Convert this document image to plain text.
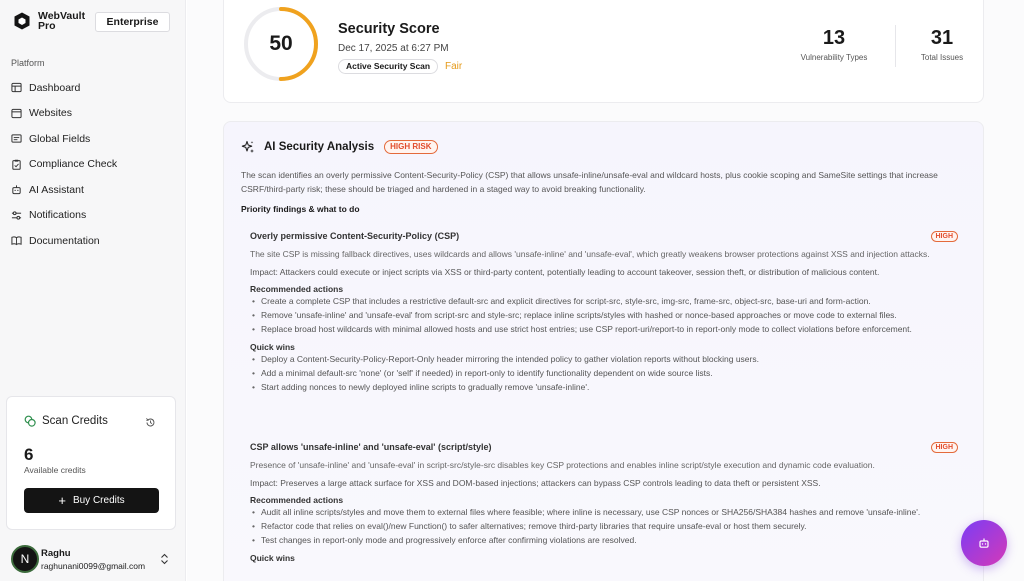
WebVault Pro	Enterprise
Platform
Dashboard
Websites
Global Fields
Compliance Check
AI Assistant
Notifications
Documentation
Scan Credits
6
Available credits
+ Buy Credits
N	Raghu
raghunani0099@gmail.com
50
Security Score
Dec 17, 2025 at 6:27 PM
Active Security Scan	Fair
13
Vulnerability Types
31
Total Issues
AI Security Analysis	HIGH RISK

The scan identifies an overly permissive Content-Security-Policy (CSP) that allows unsafe-inline/unsafe-eval and wildcard hosts, plus cookie scoping and SameSite settings that increase CSRF/third-party risk; these should be triaged and hardened in a staged way to avoid breaking functionality.

Priority findings & what to do
Overly permissive Content-Security-Policy (CSP)	HIGH

The site CSP is missing fallback directives, uses wildcards and allows 'unsafe-inline' and 'unsafe-eval', which greatly weakens browser protections against XSS and injection attacks.

Impact: Attackers could execute or inject scripts via XSS or third-party content, potentially leading to account takeover, session theft, or distribution of malicious content.

Recommended actions
• Create a complete CSP that includes a restrictive default-src and explicit directives for script-src, style-src, img-src, frame-src, object-src, base-uri and form-action.
• Remove 'unsafe-inline' and 'unsafe-eval' from script-src and style-src; replace inline scripts/styles with hashed or nonce-based approaches or move code to external files.
• Replace broad host wildcards with minimal allowed hosts and use strict host entries; use CSP report-uri/report-to in report-only mode to collect violations before enforcement.
Quick wins
• Deploy a Content-Security-Policy-Report-Only header mirroring the intended policy to gather violation reports without blocking users.
• Add a minimal default-src 'none' (or 'self' if needed) in report-only to identify functionality dependent on wide source lists.
• Start adding nonces to newly deployed inline scripts to gradually remove 'unsafe-inline'.
CSP allows 'unsafe-inline' and 'unsafe-eval' (script/style)	HIGH

Presence of 'unsafe-inline' and 'unsafe-eval' in script-src/style-src disables key CSP protections and enables inline script/style execution and dynamic code evaluation.

Impact: Preserves a large attack surface for XSS and DOM-based injections; attackers can bypass CSP controls leading to data theft or persistent XSS.

Recommended actions
• Audit all inline scripts/styles and move them to external files where feasible; where inline is necessary, use CSP nonces or SHA256/SHA384 hashes and remove 'unsafe-inline'.
• Refactor code that relies on eval()/new Function() to safer alternatives; remove third-party libraries that require unsafe-eval or host them securely.
• Test changes in report-only mode and progressively enforce after confirming violations are resolved.
Quick wins
